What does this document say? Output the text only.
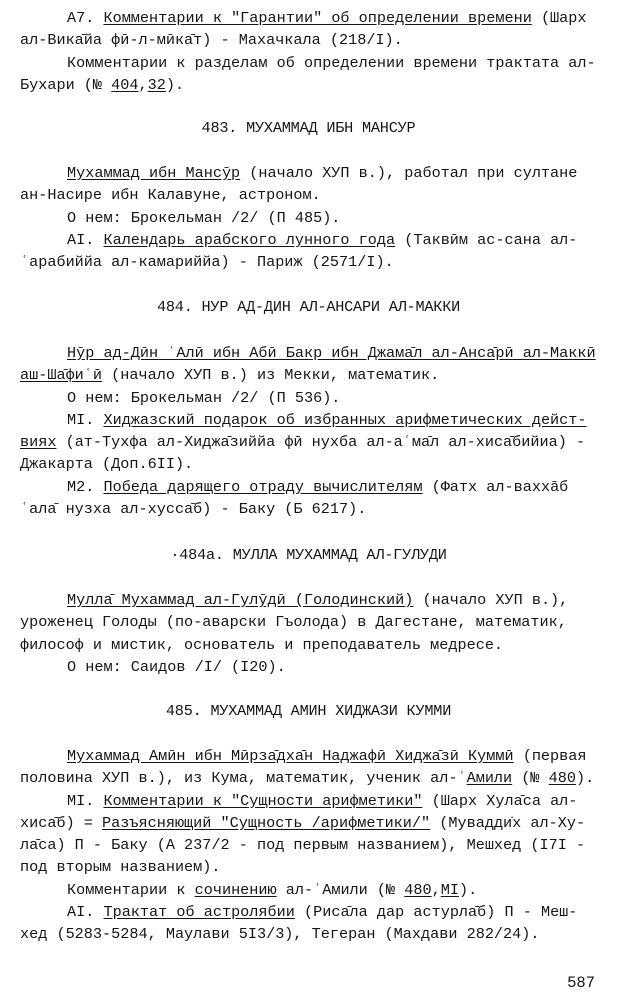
А7. Комментарии к "Гарантии" об определении времени (Шарх
ал-Вика̄йа фӣ-л-мӣка̄т) - Махачкала (218/I).
Комментарии к разделам об определении времени трактата ал-
Бухари (№ 404,32).
483. МУХАММАД ИБН МАНСУР
Мухаммад ибн Мансӯр (начало ХУП в.), работал при султане
ан-Насире ибн Калавуне, астроном.
О нем: Брокельман /2/ (П 485).
AI. Календарь арабского лунного года (Таквӣм ас-сана ал-
ʿарабиййа ал-камариййа) - Париж (2571/I).
484. НУР АД-ДИН АЛ-АНСАРИ АЛ-МАККИ
Нӯр ад-Дӣн ʿАлӣ ибн Абӣ Бакр ибн Джама̄л ал-Анса̄рӣ ал-Маккӣ
аш-Ша̄фиʿӣ (начало ХУП в.) из Мекки, математик.
О нем: Брокельман /2/ (П 536).
MI. Хиджазский подарок об избранных арифметических дейст-
виях (ат-Тухфа ал-Хиджа̄зиййа фӣ нухба ал-аʿма̄л ал-хиса̄бийиа) -
Джакарта (Доп.6II).
M2. Победа дарящего отраду вычислителям (Фатх ал-ваххāб
ʿала̄ нузха ал-хусса̄б) - Баку (Б 6217).
·484а. МУЛЛА МУХАММАД АЛ-ГУЛУДИ
Мулла̄ Мухаммад ал-Гулӯдӣ (Голодинский) (начало ХУП в.),
уроженец Голоды (по-аварски Гъолода) в Дагестане, математик,
философ и мистик, основатель и преподаватель медресе.
О нем: Саидов /I/ (I20).
485. МУХАММАД АМИН ХИДЖАЗИ КУММИ
Мухаммад Амӣн ибн Мӣрза̄дха̄н Наджафӣ Хиджа̄зӣ Куммӣ (первая
половина ХУП в.), из Кума, математик, ученик ал-ʿАмили (№ 480).
MI. Комментарии к "Сущности арифметики" (Шарх Хула̄са ал-
хиса̄б) = Разъясняющий "Сущность /арифметики/" (Мувадди̇х ал-Ху-
ла̄са) П - Баку (А 237/2 - под первым названием), Мешхед (I7I -
под вторым названием).
Комментарии к сочинению ал-ʿАмили (№ 480,MI).
AI. Трактат об астролябии (Риса̄ла дар астурла̄б) П - Меш-
хед (5283-5284, Маулави 5I3/3), Тегеран (Махдави 282/24).
587
